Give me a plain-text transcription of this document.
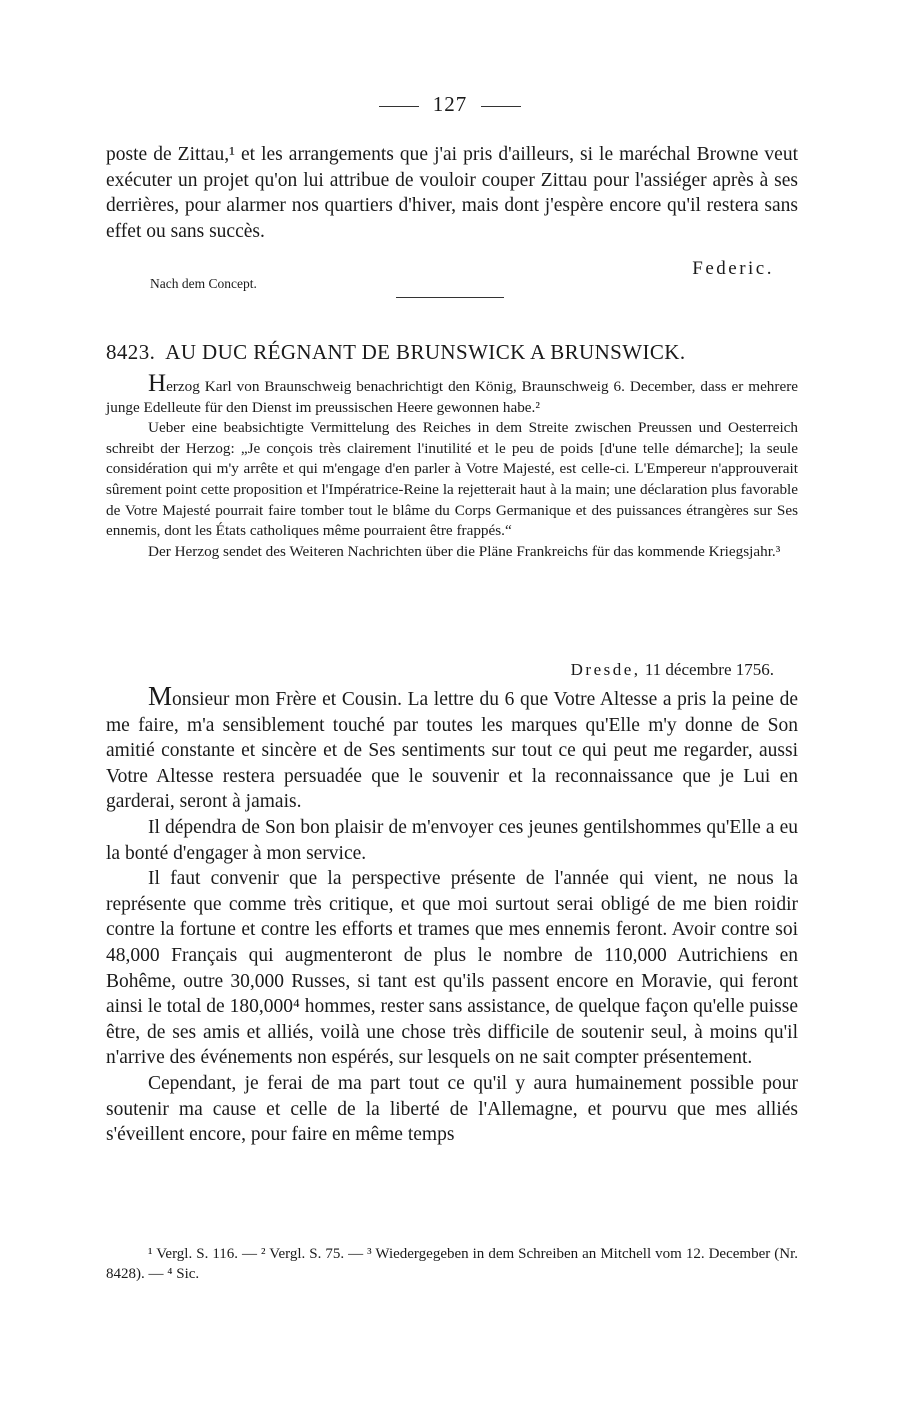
127

poste de Zittau,¹ et les arrangements que j'ai pris d'ailleurs, si le maréchal Browne veut exécuter un projet qu'on lui attribue de vouloir couper Zittau pour l'assiéger après à ses derrières, pour alarmer nos quartiers d'hiver, mais dont j'espère encore qu'il restera sans effet ou sans succès.

Federic.
Nach dem Concept.
8423. AU DUC RÉGNANT DE BRUNSWICK A BRUNSWICK.

Herzog Karl von Braunschweig benachrichtigt den König, Braunschweig 6. December, dass er mehrere junge Edelleute für den Dienst im preussischen Heere gewonnen habe.²

Ueber eine beabsichtigte Vermittelung des Reiches in dem Streite zwischen Preussen und Oesterreich schreibt der Herzog: „Je conçois très clairement l'inutilité et le peu de poids [d'une telle démarche]; la seule considération qui m'y arrête et qui m'engage d'en parler à Votre Majesté, est celle-ci. L'Empereur n'approuverait sûrement point cette proposition et l'Impératrice-Reine la rejetterait haut à la main; une déclaration plus favorable de Votre Majesté pourrait faire tomber tout le blâme du Corps Germanique et des puissances étrangères sur Ses ennemis, dont les États catholiques même pourraient être frappés.“

Der Herzog sendet des Weiteren Nachrichten über die Pläne Frankreichs für das kommende Kriegsjahr.³

Dresde, 11 décembre 1756.

Monsieur mon Frère et Cousin. La lettre du 6 que Votre Altesse a pris la peine de me faire, m'a sensiblement touché par toutes les marques qu'Elle m'y donne de Son amitié constante et sincère et de Ses sentiments sur tout ce qui peut me regarder, aussi Votre Altesse restera persuadée que le souvenir et la reconnaissance que je Lui en garderai, seront à jamais.

Il dépendra de Son bon plaisir de m'envoyer ces jeunes gentilshommes qu'Elle a eu la bonté d'engager à mon service.

Il faut convenir que la perspective présente de l'année qui vient, ne nous la représente que comme très critique, et que moi surtout serai obligé de me bien roidir contre la fortune et contre les efforts et trames que mes ennemis feront. Avoir contre soi 48,000 Français qui augmenteront de plus le nombre de 110,000 Autrichiens en Bohême, outre 30,000 Russes, si tant est qu'ils passent encore en Moravie, qui feront ainsi le total de 180,000⁴ hommes, rester sans assistance, de quelque façon qu'elle puisse être, de ses amis et alliés, voilà une chose très difficile de soutenir seul, à moins qu'il n'arrive des événements non espérés, sur lesquels on ne sait compter présentement.

Cependant, je ferai de ma part tout ce qu'il y aura humainement possible pour soutenir ma cause et celle de la liberté de l'Allemagne, et pourvu que mes alliés s'éveillent encore, pour faire en même temps

¹ Vergl. S. 116. — ² Vergl. S. 75. — ³ Wiedergegeben in dem Schreiben an Mitchell vom 12. December (Nr. 8428). — ⁴ Sic.
